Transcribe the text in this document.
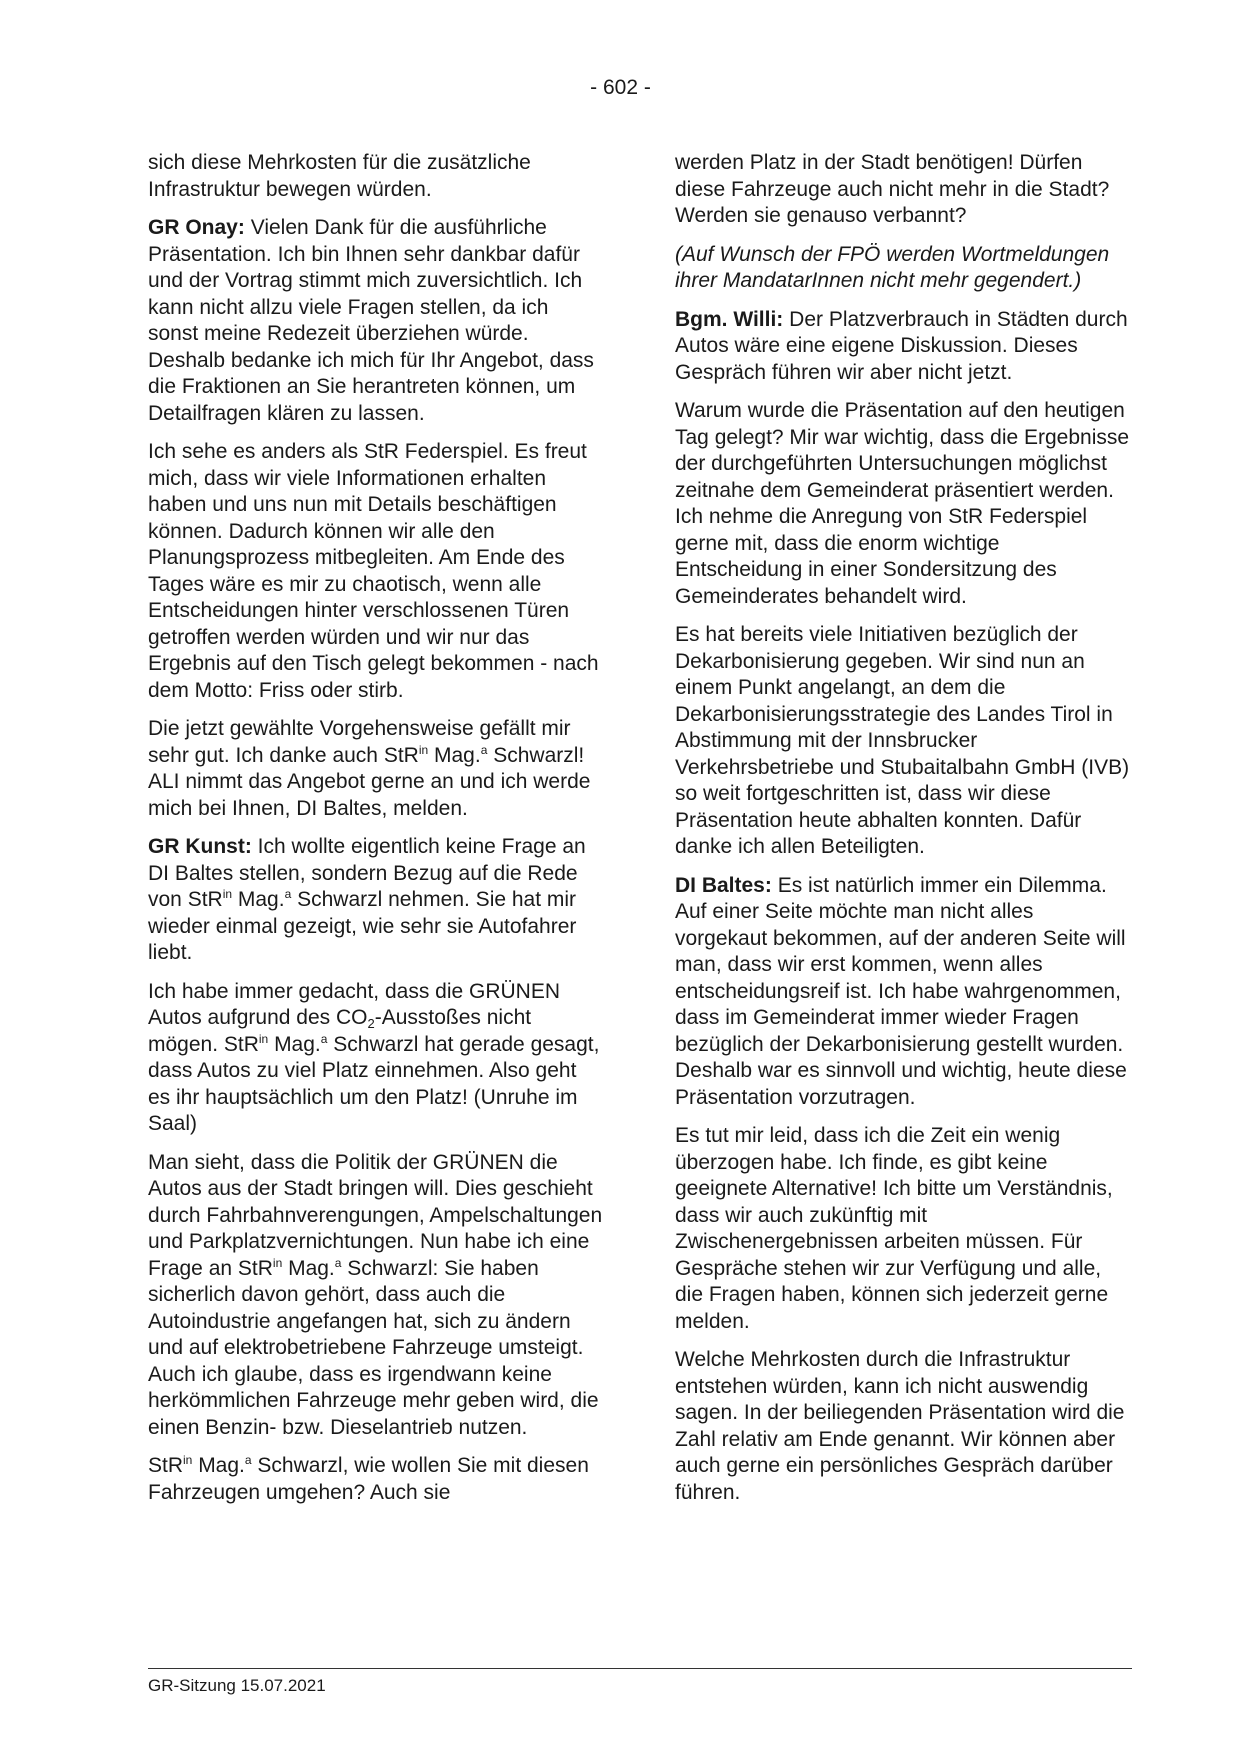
- 602 -

sich diese Mehrkosten für die zusätzliche Infrastruktur bewegen würden.

GR Onay: Vielen Dank für die ausführliche Präsentation. Ich bin Ihnen sehr dankbar dafür und der Vortrag stimmt mich zuversichtlich. Ich kann nicht allzu viele Fragen stellen, da ich sonst meine Redezeit überziehen würde. Deshalb bedanke ich mich für Ihr Angebot, dass die Fraktionen an Sie herantreten können, um Detailfragen klären zu lassen.

Ich sehe es anders als StR Federspiel. Es freut mich, dass wir viele Informationen erhalten haben und uns nun mit Details beschäftigen können. Dadurch können wir alle den Planungsprozess mitbegleiten. Am Ende des Tages wäre es mir zu chaotisch, wenn alle Entscheidungen hinter verschlossenen Türen getroffen werden würden und wir nur das Ergebnis auf den Tisch gelegt bekommen - nach dem Motto: Friss oder stirb.

Die jetzt gewählte Vorgehensweise gefällt mir sehr gut. Ich danke auch StR$^{in}$ Mag.$^a$ Schwarzl! ALI nimmt das Angebot gerne an und ich werde mich bei Ihnen, DI Baltes, melden.

GR Kunst: Ich wollte eigentlich keine Frage an DI Baltes stellen, sondern Bezug auf die Rede von StR$^{in}$ Mag.$^a$ Schwarzl nehmen. Sie hat mir wieder einmal gezeigt, wie sehr sie Autofahrer liebt.

Ich habe immer gedacht, dass die GRÜNEN Autos aufgrund des $CO_2$-Ausstoßes nicht mögen. StR$^{in}$ Mag.$^a$ Schwarzl hat gerade gesagt, dass Autos zu viel Platz einnehmen. Also geht es ihr hauptsächlich um den Platz! (Unruhe im Saal)

Man sieht, dass die Politik der GRÜNEN die Autos aus der Stadt bringen will. Dies geschieht durch Fahrbahnverengungen, Ampelschaltungen und Parkplatzvernichtungen. Nun habe ich eine Frage an StR$^{in}$ Mag.$^a$ Schwarzl: Sie haben sicherlich davon gehört, dass auch die Autoindustrie angefangen hat, sich zu ändern und auf elektrobetriebene Fahrzeuge umsteigt. Auch ich glaube, dass es irgendwann keine herkömmlichen Fahrzeuge mehr geben wird, die einen Benzin- bzw. Dieselantrieb nutzen.

StR$^{in}$ Mag.$^a$ Schwarzl, wie wollen Sie mit diesen Fahrzeugen umgehen? Auch sie

werden Platz in der Stadt benötigen! Dürfen diese Fahrzeuge auch nicht mehr in die Stadt? Werden sie genauso verbannt?

(Auf Wunsch der FPÖ werden Wortmeldungen ihrer MandatarInnen nicht mehr gegendert.)

Bgm. Willi: Der Platzverbrauch in Städten durch Autos wäre eine eigene Diskussion. Dieses Gespräch führen wir aber nicht jetzt.

Warum wurde die Präsentation auf den heutigen Tag gelegt? Mir war wichtig, dass die Ergebnisse der durchgeführten Untersuchungen möglichst zeitnahe dem Gemeinderat präsentiert werden. Ich nehme die Anregung von StR Federspiel gerne mit, dass die enorm wichtige Entscheidung in einer Sondersitzung des Gemeinderates behandelt wird.

Es hat bereits viele Initiativen bezüglich der Dekarbonisierung gegeben. Wir sind nun an einem Punkt angelangt, an dem die Dekarbonisierungsstrategie des Landes Tirol in Abstimmung mit der Innsbrucker Verkehrsbetriebe und Stubaitalbahn GmbH (IVB) so weit fortgeschritten ist, dass wir diese Präsentation heute abhalten konnten. Dafür danke ich allen Beteiligten.

DI Baltes: Es ist natürlich immer ein Dilemma. Auf einer Seite möchte man nicht alles vorgekaut bekommen, auf der anderen Seite will man, dass wir erst kommen, wenn alles entscheidungsreif ist. Ich habe wahrgenommen, dass im Gemeinderat immer wieder Fragen bezüglich der Dekarbonisierung gestellt wurden. Deshalb war es sinnvoll und wichtig, heute diese Präsentation vorzutragen.

Es tut mir leid, dass ich die Zeit ein wenig überzogen habe. Ich finde, es gibt keine geeignete Alternative! Ich bitte um Verständnis, dass wir auch zukünftig mit Zwischenergebnissen arbeiten müssen. Für Gespräche stehen wir zur Verfügung und alle, die Fragen haben, können sich jederzeit gerne melden.

Welche Mehrkosten durch die Infrastruktur entstehen würden, kann ich nicht auswendig sagen. In der beiliegenden Präsentation wird die Zahl relativ am Ende genannt. Wir können aber auch gerne ein persönliches Gespräch darüber führen.

GR-Sitzung 15.07.2021
